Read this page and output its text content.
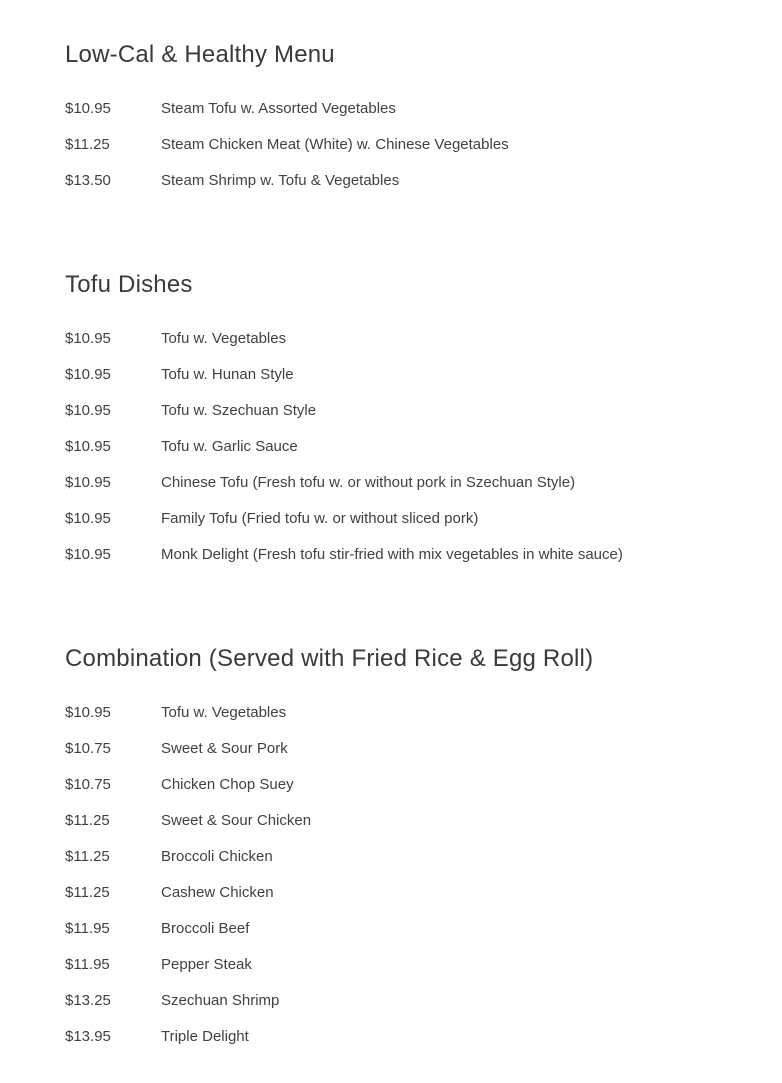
Low-Cal & Healthy Menu
$10.95	Steam Tofu w. Assorted Vegetables
$11.25	Steam Chicken Meat (White) w. Chinese Vegetables
$13.50	Steam Shrimp w. Tofu & Vegetables
Tofu Dishes
$10.95	Tofu w. Vegetables
$10.95	Tofu w. Hunan Style
$10.95	Tofu w. Szechuan Style
$10.95	Tofu w. Garlic Sauce
$10.95	Chinese Tofu (Fresh tofu w. or without pork in Szechuan Style)
$10.95	Family Tofu (Fried tofu w. or without sliced pork)
$10.95	Monk Delight (Fresh tofu stir-fried with mix vegetables in white sauce)
Combination (Served with Fried Rice & Egg Roll)
$10.95	Tofu w. Vegetables
$10.75	Sweet & Sour Pork
$10.75	Chicken Chop Suey
$11.25	Sweet & Sour Chicken
$11.25	Broccoli Chicken
$11.25	Cashew Chicken
$11.95	Broccoli Beef
$11.95	Pepper Steak
$13.25	Szechuan Shrimp
$13.95	Triple Delight
